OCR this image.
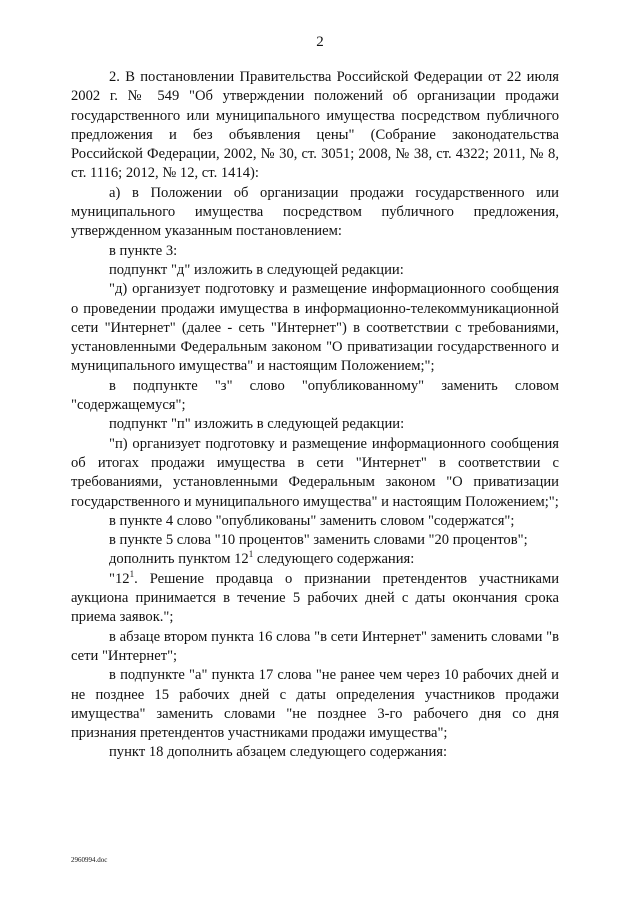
2

2. В постановлении Правительства Российской Федерации от 22 июля 2002 г. № 549 "Об утверждении положений об организации продажи государственного или муниципального имущества посредством публичного предложения и без объявления цены" (Собрание законодательства Российской Федерации, 2002, № 30, ст. 3051; 2008, № 38, ст. 4322; 2011, № 8, ст. 1116; 2012, № 12, ст. 1414):

а) в Положении об организации продажи государственного или муниципального имущества посредством публичного предложения, утвержденном указанным постановлением:

в пункте 3:

подпункт "д" изложить в следующей редакции:

"д) организует подготовку и размещение информационного сообщения о проведении продажи имущества в информационно-телекоммуникационной сети "Интернет" (далее - сеть "Интернет") в соответствии с требованиями, установленными Федеральным законом "О приватизации государственного и муниципального имущества" и настоящим Положением;";

в подпункте "з" слово "опубликованному" заменить словом "содержащемуся";

подпункт "п" изложить в следующей редакции:

"п) организует подготовку и размещение информационного сообщения об итогах продажи имущества в сети "Интернет" в соответствии с требованиями, установленными Федеральным законом "О приватизации государственного и муниципального имущества" и настоящим Положением;";

в пункте 4 слово "опубликованы" заменить словом "содержатся";

в пункте 5 слова "10 процентов" заменить словами "20 процентов";

дополнить пунктом $12^1$ следующего содержания:

"$12^1$. Решение продавца о признании претендентов участниками аукциона принимается в течение 5 рабочих дней с даты окончания срока приема заявок.";

в абзаце втором пункта 16 слова "в сети Интернет" заменить словами "в сети "Интернет";

в подпункте "а" пункта 17 слова "не ранее чем через 10 рабочих дней и не позднее 15 рабочих дней с даты определения участников продажи имущества" заменить словами "не позднее 3-го рабочего дня со дня признания претендентов участниками продажи имущества";

пункт 18 дополнить абзацем следующего содержания:

2960994.doc
